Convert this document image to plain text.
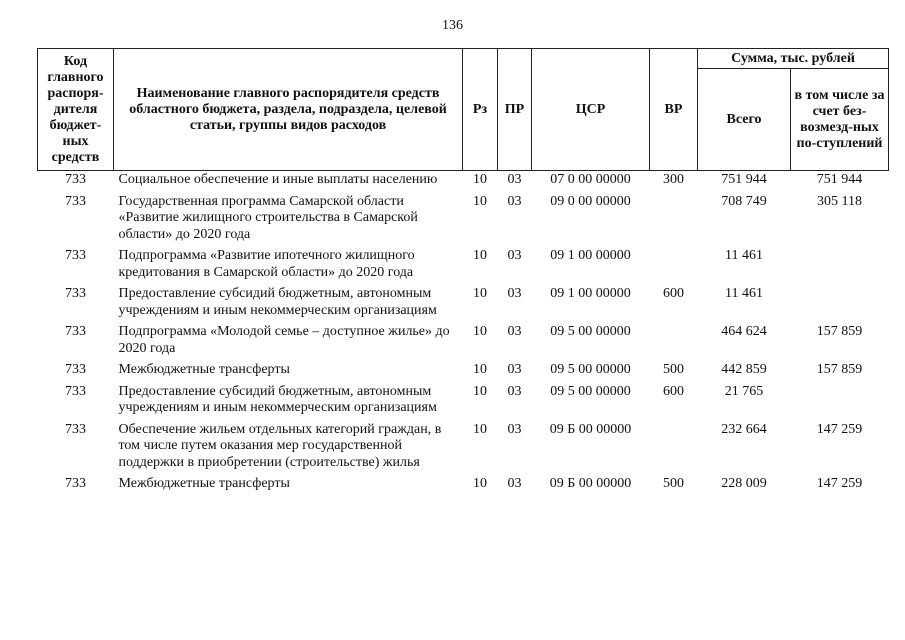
136
Код главного распоря-дителя бюджет-ных средств	Наименование главного распорядителя средств областного бюджета, раздела, подраздела, целевой статьи, группы видов расходов	Рз	ПР	ЦСР	ВР	Сумма, тыс. рублей	
						Всего	в том числе за счет без-возмезд-ных по-ступлений
733	Социальное обеспечение и иные выплаты населению	10	03	07 0 00 00000	300	751 944	751 944
733	Государственная программа Самарской области «Развитие жилищного строительства в Самарской области» до 2020 года	10	03	09 0 00 00000		708 749	305 118
733	Подпрограмма «Развитие ипотечного жилищного кредитования в Самарской области» до 2020 года	10	03	09 1 00 00000		11 461	
733	Предоставление субсидий бюджетным, автономным учреждениям и иным некоммерческим организациям	10	03	09 1 00 00000	600	11 461	
733	Подпрограмма «Молодой семье – доступное жилье» до 2020 года	10	03	09 5 00 00000		464 624	157 859
733	Межбюджетные трансферты	10	03	09 5 00 00000	500	442 859	157 859
733	Предоставление субсидий бюджетным, автономным учреждениям и иным некоммерческим организациям	10	03	09 5 00 00000	600	21 765	
733	Обеспечение жильем отдельных категорий граждан, в том числе путем оказания мер государственной поддержки в приобретении (строительстве) жилья	10	03	09 Б 00 00000		232 664	147 259
733	Межбюджетные трансферты	10	03	09 Б 00 00000	500	228 009	147 259
